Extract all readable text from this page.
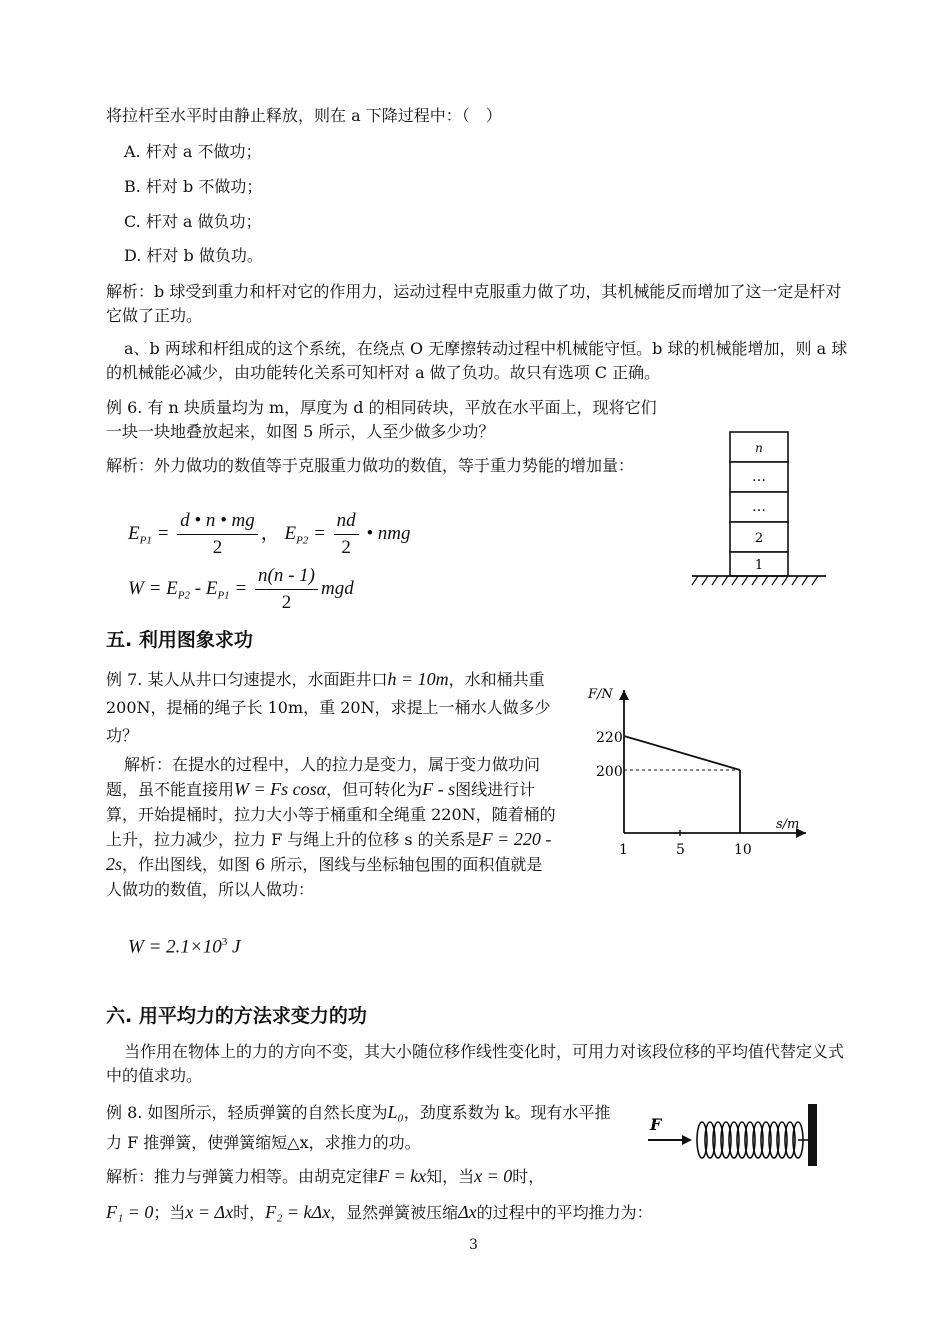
将拉杆至水平时由静止释放，则在 a 下降过程中：（　）
A. 杆对 a 不做功；
B. 杆对 b 不做功；
C. 杆对 a 做负功；
D. 杆对 b 做负功。
解析：b 球受到重力和杆对它的作用力，运动过程中克服重力做了功，其机械能反而增加了这一定是杆对它做了正功。
a、b 两球和杆组成的这个系统，在绕点 O 无摩擦转动过程中机械能守恒。b 球的机械能增加，则 a 球的机械能必减少，由功能转化关系可知杆对 a 做了负功。故只有选项 C 正确。
例 6. 有 n 块质量均为 m，厚度为 d 的相同砖块，平放在水平面上，现将它们一块一块地叠放起来，如图 5 所示，人至少做多少功？
解析：外力做功的数值等于克服重力做功的数值，等于重力势能的增加量：
$E_{P1} = \frac{d • n • mg}{2}$ ， $E_{P2} = \frac{nd}{2}$ • nmg
$W = E_{P2} - E_{P1} = \frac{n(n - 1)}{2}$ mgd
n
…
…
2
1
五. 利用图象求功
例 7. 某人从井口匀速提水，水面距井口h = 10m，水和桶共重 200N，提桶的绳子长 10m，重 20N，求提上一桶水人做多少功？
解析：在提水的过程中，人的拉力是变力，属于变力做功问题，虽不能直接用W = Fs cosα，但可转化为F - s图线进行计算，开始提桶时，拉力大小等于桶重和全绳重 220N，随着桶的上升，拉力减少，拉力 F 与绳上升的位移 s 的关系是F = 220 - 2s，作出图线，如图 6 所示，图线与坐标轴包围的面积值就是人做功的数值，所以人做功：
$W = 2.1\times 10^3$ J
F/N
s/m
220
200
1	5	10
六. 用平均力的方法求变力的功
当作用在物体上的力的方向不变，其大小随位移作线性变化时，可用力对该段位移的平均值代替定义式中的值求功。
例 8. 如图所示，轻质弹簧的自然长度为L₀，劲度系数为 k。现有水平推力 F 推弹簧，使弹簧缩短△x，求推力的功。
解析：推力与弹簧力相等。由胡克定律F = kx知，当x = 0时，
F₁ = 0；当x = Δx时，F₂ = kΔx，显然弹簧被压缩Δx的过程中的平均推力为：
F
3
